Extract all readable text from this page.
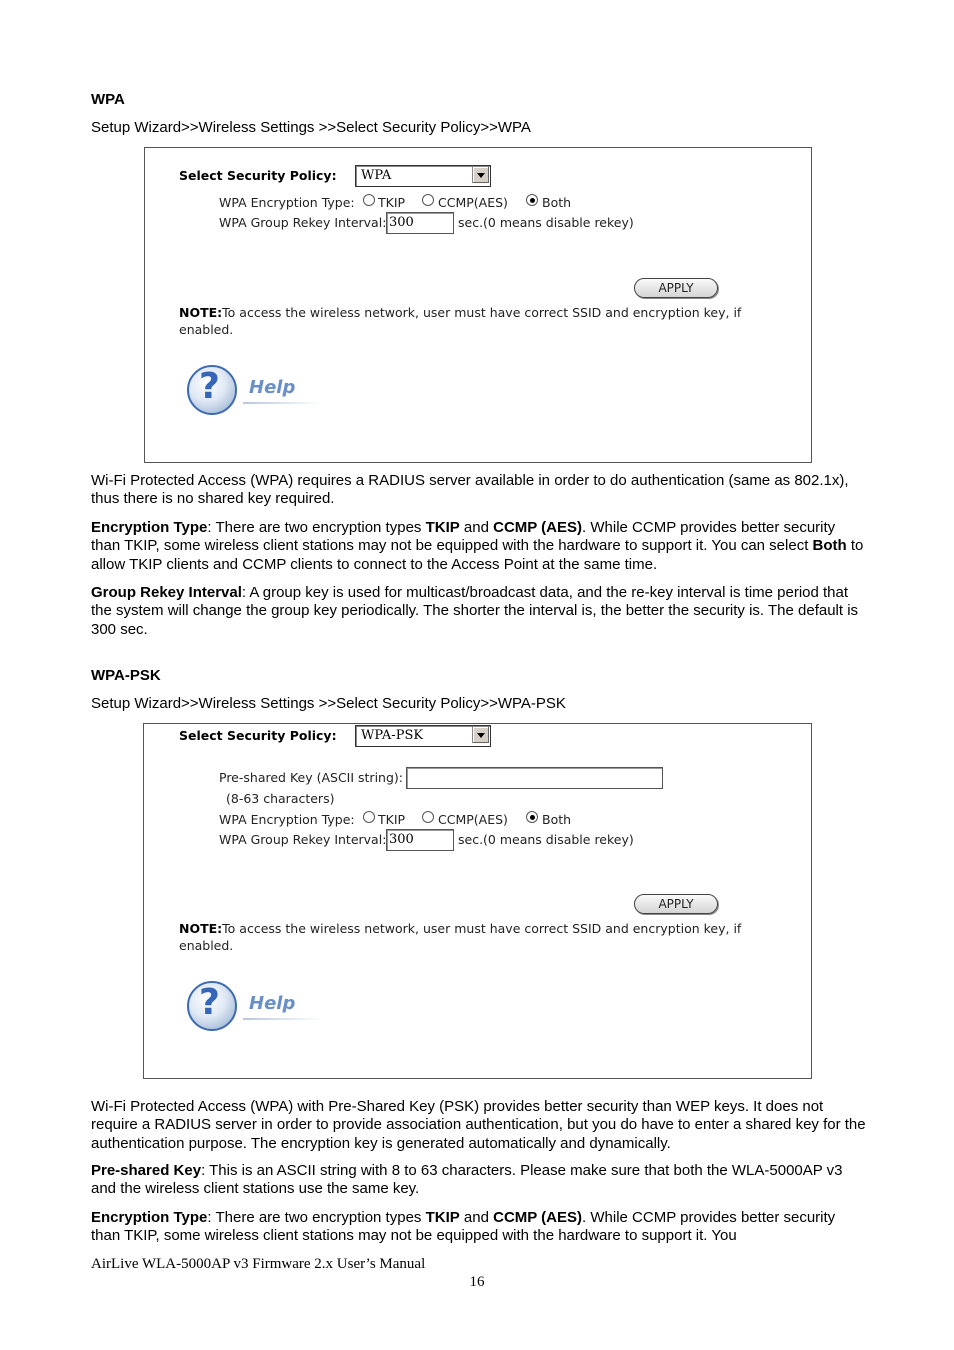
WPA
Setup Wizard>>Wireless Settings >>Select Security Policy>>WPA
Select Security Policy: WPA
WPA Encryption Type: TKIP	CCMP(AES)	Both
WPA Group Rekey Interval: 300	sec.(0 means disable rekey)
APPLY
NOTE:To access the wireless network, user must have correct SSID and encryption key, if
enabled.
? Help
Wi-Fi Protected Access (WPA) requires a RADIUS server available in order to do authentication (same as 802.1x), thus there is no shared key required.
Encryption Type: There are two encryption types TKIP and CCMP (AES). While CCMP provides better security than TKIP, some wireless client stations may not be equipped with the hardware to support it. You can select Both to allow TKIP clients and CCMP clients to connect to the Access Point at the same time.
Group Rekey Interval: A group key is used for multicast/broadcast data, and the re-key interval is time period that the system will change the group key periodically. The shorter the interval is, the better the security is. The default is 300 sec.
WPA-PSK
Setup Wizard>>Wireless Settings >>Select Security Policy>>WPA-PSK
Select Security Policy: WPA-PSK
Pre-shared Key (ASCII string):
(8-63 characters)
WPA Encryption Type: TKIP	CCMP(AES)	Both
WPA Group Rekey Interval: 300	sec.(0 means disable rekey)
APPLY
NOTE:To access the wireless network, user must have correct SSID and encryption key, if
enabled.
? Help
Wi-Fi Protected Access (WPA) with Pre-Shared Key (PSK) provides better security than WEP keys. It does not require a RADIUS server in order to provide association authentication, but you do have to enter a shared key for the authentication purpose. The encryption key is generated automatically and dynamically.
Pre-shared Key: This is an ASCII string with 8 to 63 characters. Please make sure that both the WLA-5000AP v3 and the wireless client stations use the same key.
Encryption Type: There are two encryption types TKIP and CCMP (AES). While CCMP provides better security than TKIP, some wireless client stations may not be equipped with the hardware to support it. You
AirLive WLA-5000AP v3 Firmware 2.x User’s Manual
16
